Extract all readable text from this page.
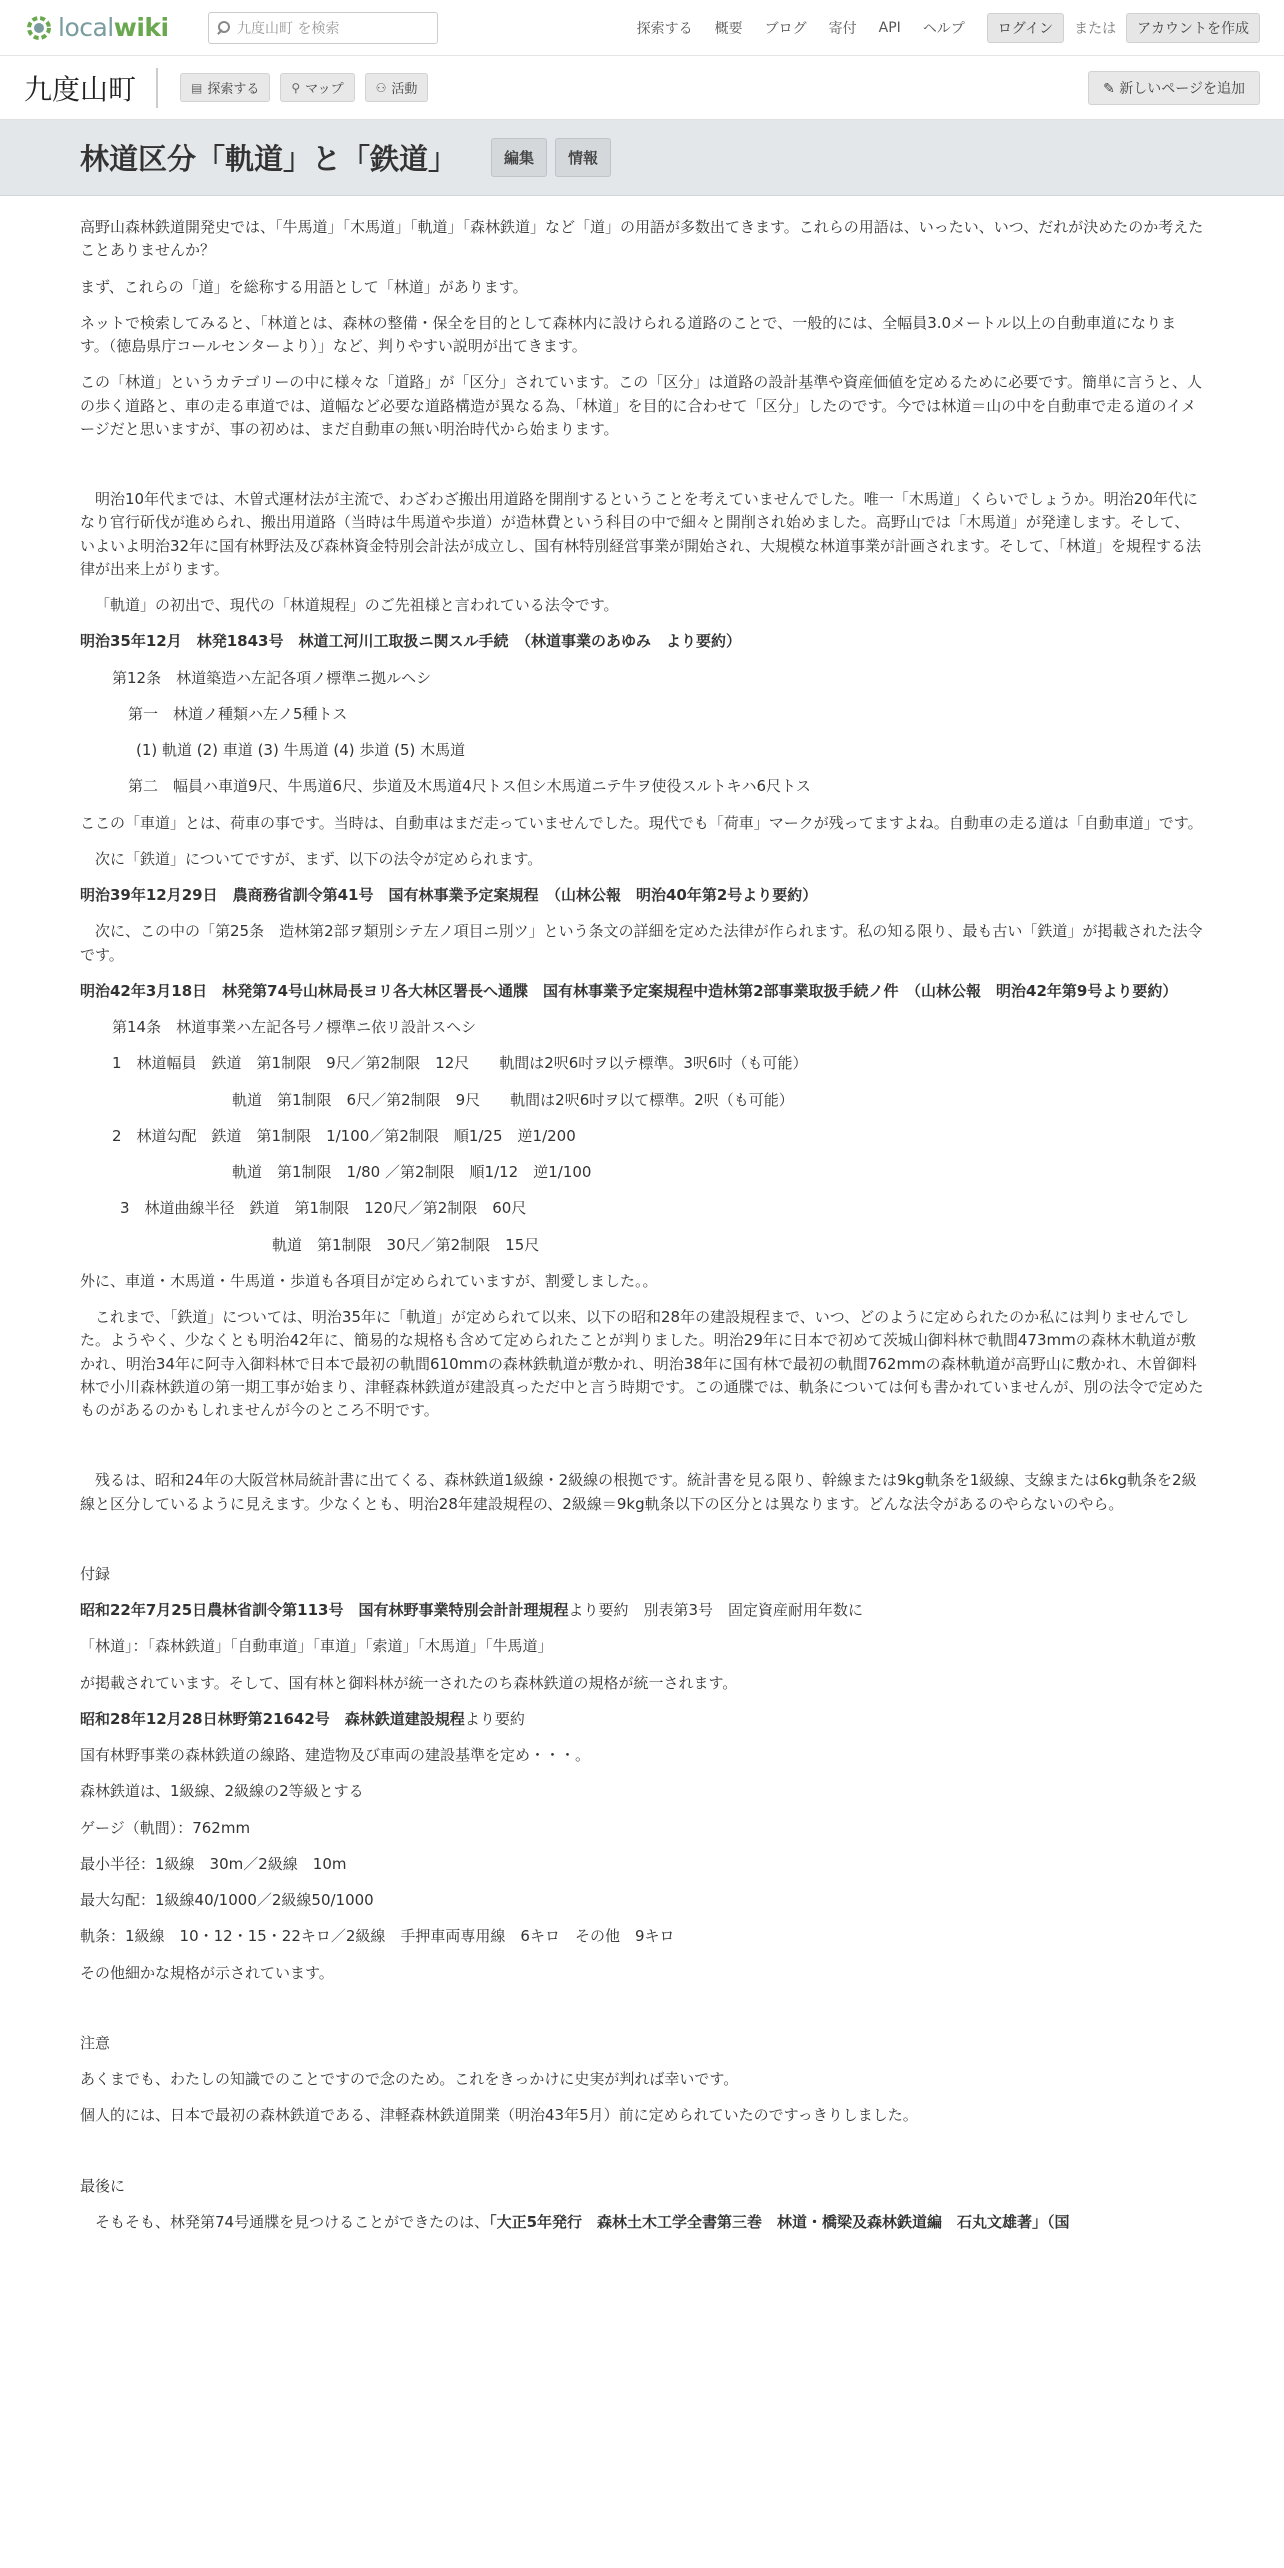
localwiki	九度山町 を検索	探索する 概要 ブログ 寄付 API ヘルプ	ログイン	または	アカウントを作成
九度山町	▤ 探索する	⚲ マップ	⚇ 活動	✎ 新しいページを追加
林道区分「軌道」と「鉄道」	編集	情報

高野山森林鉄道開発史では、「牛馬道」「木馬道」「軌道」「森林鉄道」など「道」の用語が多数出てきます。これらの用語は、いったい、いつ、だれが決めたのか考えたことありませんか？

まず、これらの「道」を総称する用語として「林道」があります。

ネットで検索してみると、「林道とは、森林の整備・保全を目的として森林内に設けられる道路のことで、一般的には、全幅員3.0メートル以上の自動車道になります。（徳島県庁コールセンターより）」など、判りやすい説明が出てきます。

この「林道」というカテゴリーの中に様々な「道路」が「区分」されています。この「区分」は道路の設計基準や資産価値を定めるために必要です。簡単に言うと、人の歩く道路と、車の走る車道では、道幅など必要な道路構造が異なる為、「林道」を目的に合わせて「区分」したのです。今では林道＝山の中を自動車で走る道のイメージだと思いますが、事の初めは、まだ自動車の無い明治時代から始まります。

明治10年代までは、木曽式運材法が主流で、わざわざ搬出用道路を開削するということを考えていませんでした。唯一「木馬道」くらいでしょうか。明治20年代になり官行斫伐が進められ、搬出用道路（当時は牛馬道や歩道）が造林費という科目の中で細々と開削され始めました。高野山では「木馬道」が発達します。そして、いよいよ明治32年に国有林野法及び森林資金特別会計法が成立し、国有林特別経営事業が開始され、大規模な林道事業が計画されます。そして、「林道」を規程する法律が出来上がります。

「軌道」の初出で、現代の「林道規程」のご先祖様と言われている法令です。

明治35年12月　林発1843号　林道工河川工取扱ニ関スル手続　（林道事業のあゆみ　より要約）

第12条　林道築造ハ左記各項ノ標準ニ拠ルヘシ

第一　林道ノ種類ハ左ノ5種トス

(1) 軌道 (2) 車道 (3) 牛馬道 (4) 歩道 (5) 木馬道

第二　幅員ハ車道9尺、牛馬道6尺、歩道及木馬道4尺トス但シ木馬道ニテ牛ヲ使役スルトキハ6尺トス

ここの「車道」とは、荷車の事です。当時は、自動車はまだ走っていませんでした。現代でも「荷車」マークが残ってますよね。自動車の走る道は「自動車道」です。

次に「鉄道」についてですが、まず、以下の法令が定められます。

明治39年12月29日　農商務省訓令第41号　国有林事業予定案規程　（山林公報　明治40年第2号より要約）

次に、この中の「第25条　造林第2部ヲ類別シテ左ノ項目ニ別ツ」という条文の詳細を定めた法律が作られます。私の知る限り、最も古い「鉄道」が掲載された法令です。

明治42年3月18日　林発第74号山林局長ヨリ各大林区署長へ通牒　国有林事業予定案規程中造林第2部事業取扱手続ノ件　（山林公報　明治42年第9号より要約）

第14条　林道事業ハ左記各号ノ標準ニ依リ設計スヘシ

1　林道幅員　鉄道　第1制限　9尺／第2制限　12尺　　軌間は2呎6吋ヲ以テ標準。3呎6吋（も可能）

軌道　第1制限　6尺／第2制限　9尺　　軌間は2呎6吋ヲ以て標準。2呎（も可能）

2　林道勾配　鉄道　第1制限　1/100／第2制限　順1/25　逆1/200

軌道　第1制限　1/80 ／第2制限　順1/12　逆1/100

3　林道曲線半径　鉄道　第1制限　120尺／第2制限　60尺

軌道　第1制限　30尺／第2制限　15尺

外に、車道・木馬道・牛馬道・歩道も各項目が定められていますが、割愛しました。。

これまで、「鉄道」については、明治35年に「軌道」が定められて以来、以下の昭和28年の建設規程まで、いつ、どのように定められたのか私には判りませんでした。ようやく、少なくとも明治42年に、簡易的な規格も含めて定められたことが判りました。明治29年に日本で初めて茨城山御料林で軌間473mmの森林木軌道が敷かれ、明治34年に阿寺入御料林で日本で最初の軌間610mmの森林鉄軌道が敷かれ、明治38年に国有林で最初の軌間762mmの森林軌道が高野山に敷かれ、木曽御料林で小川森林鉄道の第一期工事が始まり、津軽森林鉄道が建設真っただ中と言う時期です。この通牒では、軌条については何も書かれていませんが、別の法令で定めたものがあるのかもしれませんが今のところ不明です。

残るは、昭和24年の大阪営林局統計書に出てくる、森林鉄道1級線・2級線の根拠です。統計書を見る限り、幹線または9kg軌条を1級線、支線または6kg軌条を2級線と区分しているように見えます。少なくとも、明治28年建設規程の、2級線＝9kg軌条以下の区分とは異なります。どんな法令があるのやらないのやら。

付録

昭和22年7月25日農林省訓令第113号　国有林野事業特別会計計理規程より要約　別表第3号　固定資産耐用年数に

「林道」：「森林鉄道」「自動車道」「車道」「索道」「木馬道」「牛馬道」

が掲載されています。そして、国有林と御料林が統一されたのち森林鉄道の規格が統一されます。

昭和28年12月28日林野第21642号　森林鉄道建設規程より要約

国有林野事業の森林鉄道の線路、建造物及び車両の建設基準を定め・・・。

森林鉄道は、1級線、2級線の2等級とする

ゲージ（軌間）：762mm

最小半径：1級線　30m／2級線　10m

最大勾配：1級線40/1000／2級線50/1000

軌条：1級線　10・12・15・22キロ／2級線　手押車両専用線　6キロ　その他　9キロ

その他細かな規格が示されています。

注意

あくまでも、わたしの知識でのことですので念のため。これをきっかけに史実が判れば幸いです。

個人的には、日本で最初の森林鉄道である、津軽森林鉄道開業（明治43年5月）前に定められていたのですっきりしました。

最後に

そもそも、林発第74号通牒を見つけることができたのは、「大正5年発行　森林土木工学全書第三巻　林道・橋梁及森林鉄道編　石丸文雄著」（国
